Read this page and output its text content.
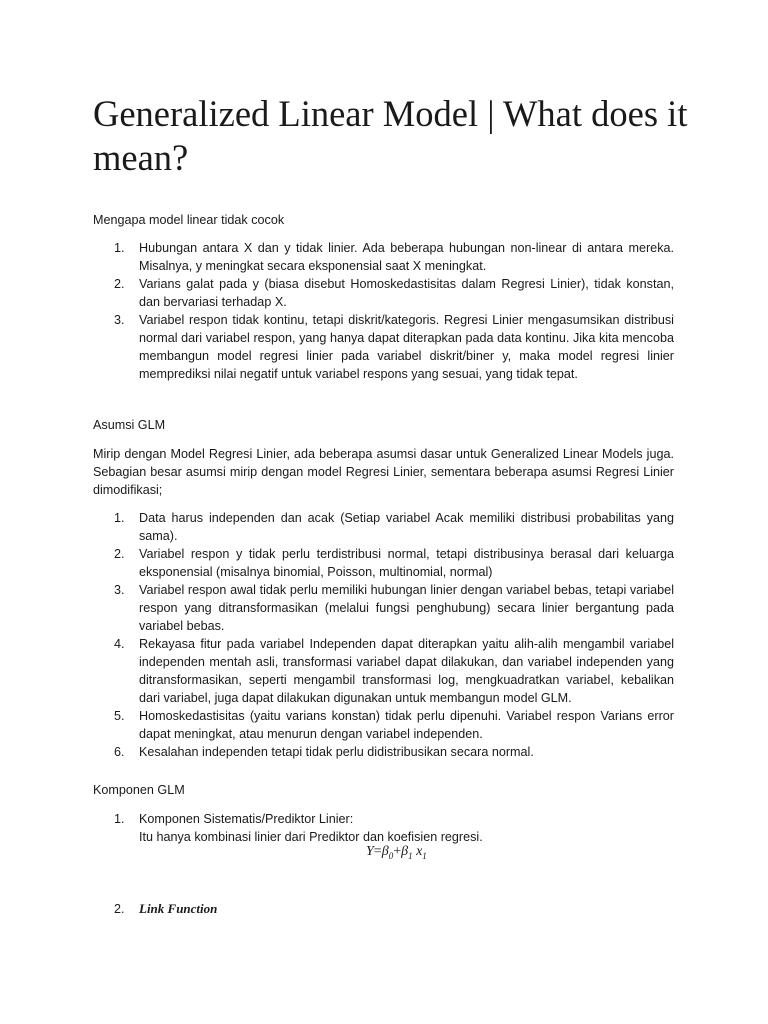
Generalized Linear Model | What does it mean?
Mengapa model linear tidak cocok
1. Hubungan antara X dan y tidak linier. Ada beberapa hubungan non-linear di antara mereka. Misalnya, y meningkat secara eksponensial saat X meningkat.
2. Varians galat pada y (biasa disebut Homoskedastisitas dalam Regresi Linier), tidak konstan, dan bervariasi terhadap X.
3. Variabel respon tidak kontinu, tetapi diskrit/kategoris. Regresi Linier mengasumsikan distribusi normal dari variabel respon, yang hanya dapat diterapkan pada data kontinu. Jika kita mencoba membangun model regresi linier pada variabel diskrit/biner y, maka model regresi linier memprediksi nilai negatif untuk variabel respons yang sesuai, yang tidak tepat.
Asumsi GLM
Mirip dengan Model Regresi Linier, ada beberapa asumsi dasar untuk Generalized Linear Models juga. Sebagian besar asumsi mirip dengan model Regresi Linier, sementara beberapa asumsi Regresi Linier dimodifikasi;
1. Data harus independen dan acak (Setiap variabel Acak memiliki distribusi probabilitas yang sama).
2. Variabel respon y tidak perlu terdistribusi normal, tetapi distribusinya berasal dari keluarga eksponensial (misalnya binomial, Poisson, multinomial, normal)
3. Variabel respon awal tidak perlu memiliki hubungan linier dengan variabel bebas, tetapi variabel respon yang ditransformasikan (melalui fungsi penghubung) secara linier bergantung pada variabel bebas.
4. Rekayasa fitur pada variabel Independen dapat diterapkan yaitu alih-alih mengambil variabel independen mentah asli, transformasi variabel dapat dilakukan, dan variabel independen yang ditransformasikan, seperti mengambil transformasi log, mengkuadratkan variabel, kebalikan dari variabel, juga dapat dilakukan digunakan untuk membangun model GLM.
5. Homoskedastisitas (yaitu varians konstan) tidak perlu dipenuhi. Variabel respon Varians error dapat meningkat, atau menurun dengan variabel independen.
6. Kesalahan independen tetapi tidak perlu didistribusikan secara normal.
Komponen GLM
1. Komponen Sistematis/Prediktor Linier:
Itu hanya kombinasi linier dari Prediktor dan koefisien regresi.
$Y=\beta_0+\beta_1$ $x_1$
2. Link Function
